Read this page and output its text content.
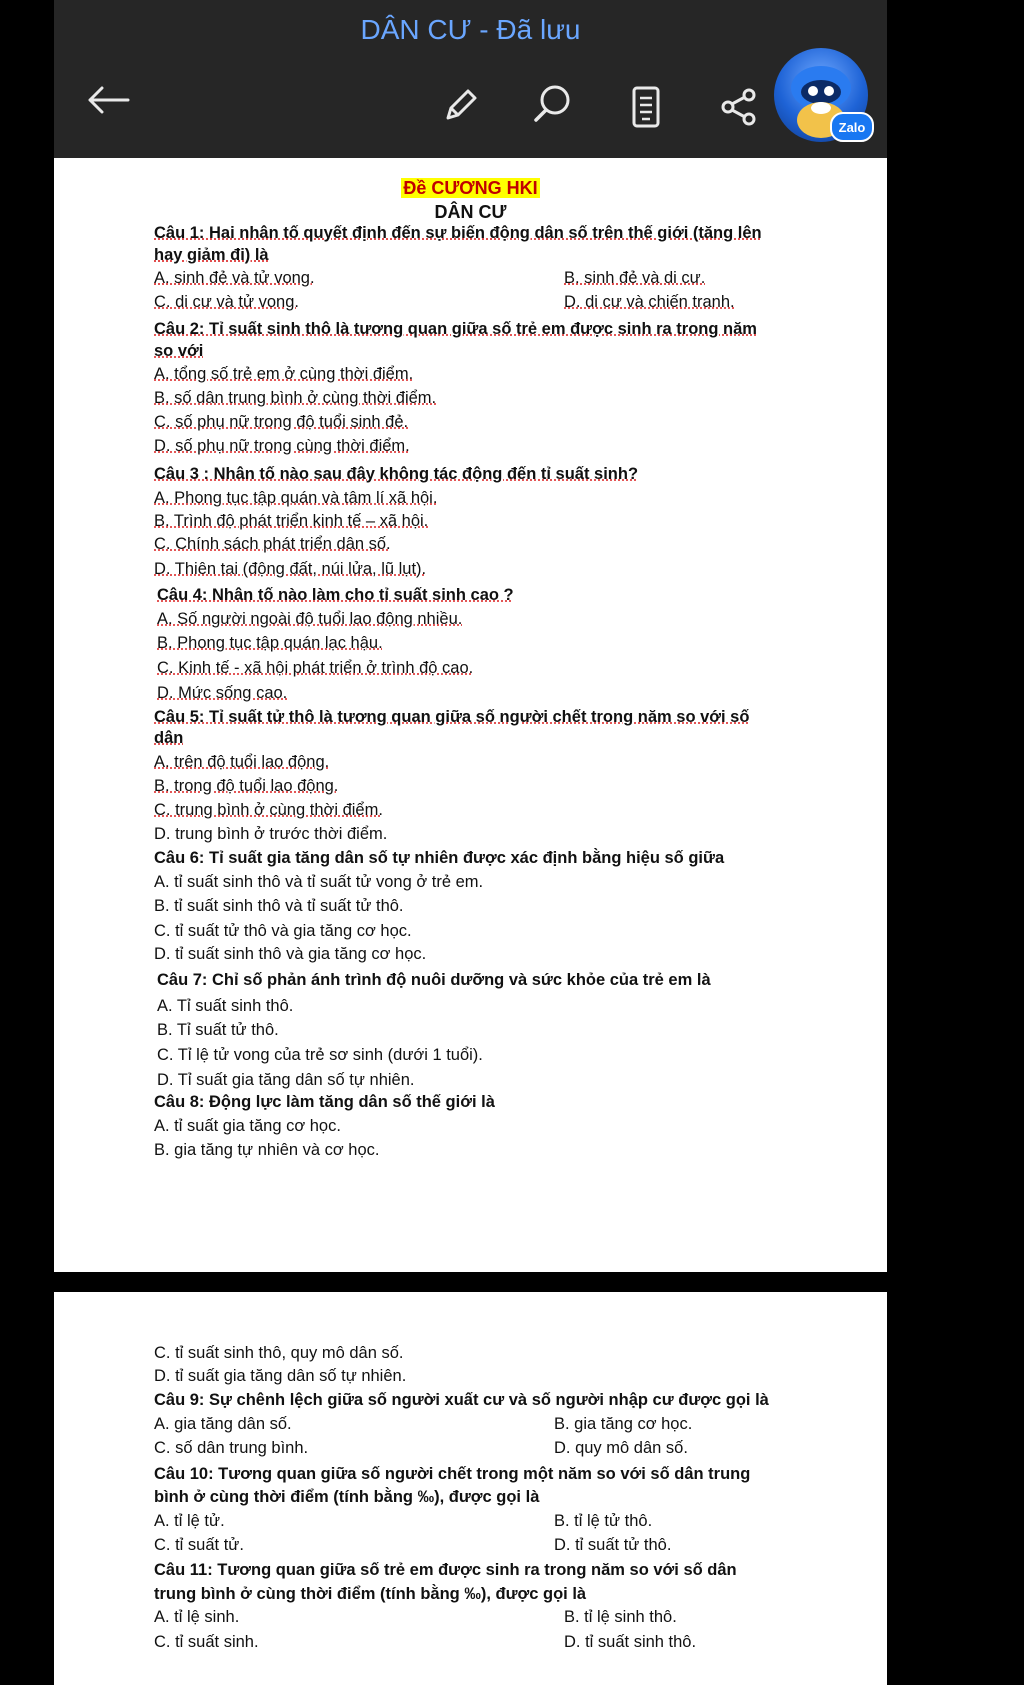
DÂN CƯ - Đã lưu
Zalo
Đề CƯƠNG HKI
DÂN CƯ
Câu 1: Hai nhân tố quyết định đến sự biến động dân số trên thế giới (tăng lên
hay giảm đi) là
A. sinh đẻ và tử vong.	B. sinh đẻ và di cư.
C. di cư và tử vong.	D. di cư và chiến tranh.
Câu 2: Tỉ suất sinh thô là tương quan giữa số trẻ em được sinh ra trong năm
so với
A. tổng số trẻ em ở cùng thời điểm.
B. số dân trung bình ở cùng thời điểm.
C. số phụ nữ trong độ tuổi sinh đẻ.
D. số phụ nữ trong cùng thời điểm.
Câu 3 : Nhân tố nào sau đây không tác động đến tỉ suất sinh?
A. Phong tục tập quán và tâm lí xã hội.
B. Trình độ phát triển kinh tế – xã hội.
C. Chính sách phát triển dân số.
D. Thiên tai (động đất, núi lửa, lũ lụt).
Câu 4: Nhân tố nào làm cho tỉ suất sinh cao ?
A. Số người ngoài độ tuổi lao động nhiều.
B. Phong tục tập quán lạc hậu.
C. Kinh tế - xã hội phát triển ở trình độ cao.
D. Mức sống cao.
Câu 5: Tỉ suất tử thô là tương quan giữa số người chết trong năm so với số
dân
A. trên độ tuổi lao động.
B. trong độ tuổi lao động.
C. trung bình ở cùng thời điểm.
D. trung bình ở trước thời điểm.
Câu 6: Tỉ suất gia tăng dân số tự nhiên được xác định bằng hiệu số giữa
A. tỉ suất sinh thô và tỉ suất tử vong ở trẻ em.
B. tỉ suất sinh thô và tỉ suất tử thô.
C. tỉ suất tử thô và gia tăng cơ học.
D. tỉ suất sinh thô và gia tăng cơ học.
Câu 7: Chỉ số phản ánh trình độ nuôi dưỡng và sức khỏe của trẻ em là
A. Tỉ suất sinh thô.
B. Tỉ suất tử thô.
C. Tỉ lệ tử vong của trẻ sơ sinh (dưới 1 tuổi).
D. Tỉ suất gia tăng dân số tự nhiên.
Câu 8: Động lực làm tăng dân số thế giới là
A. tỉ suất gia tăng cơ học.
B. gia tăng tự nhiên và cơ học.
C. tỉ suất sinh thô, quy mô dân số.
D. tỉ suất gia tăng dân số tự nhiên.
Câu 9: Sự chênh lệch giữa số người xuất cư và số người nhập cư được gọi là
A. gia tăng dân số.	B. gia tăng cơ học.
C. số dân trung bình.	D. quy mô dân số.
Câu 10: Tương quan giữa số người chết trong một năm so với số dân trung
bình ở cùng thời điểm (tính bằng ‰), được gọi là
A. tỉ lệ tử.	B. tỉ lệ tử thô.
C. tỉ suất tử.	D. tỉ suất tử thô.
Câu 11: Tương quan giữa số trẻ em được sinh ra trong năm so với số dân
trung bình ở cùng thời điểm (tính bằng ‰), được gọi là
A. tỉ lệ sinh.	B. tỉ lệ sinh thô.
C. tỉ suất sinh.	D. tỉ suất sinh thô.
